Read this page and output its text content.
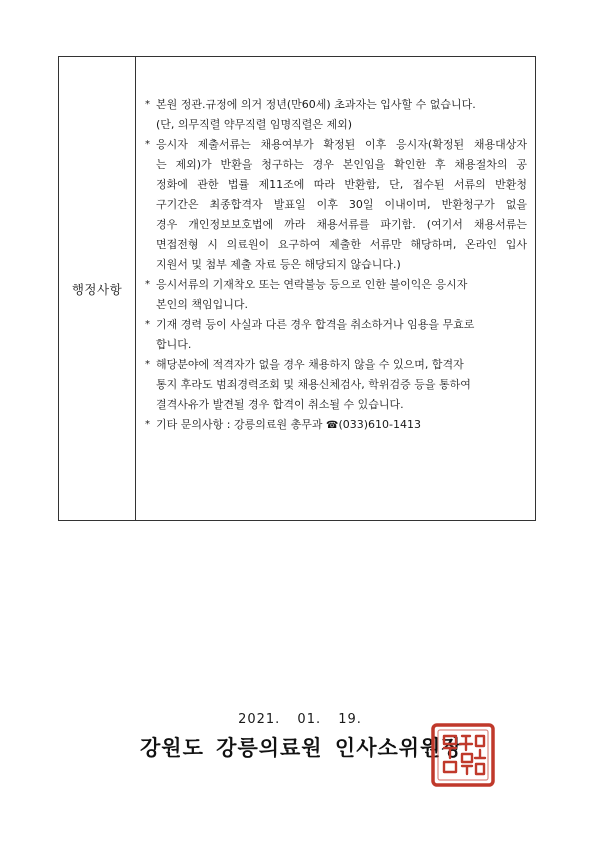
행정사항
* 본원 정관.규정에 의거 정년(만60세) 초과자는 입사할 수 없습니다.
(단, 의무직렬 약무직렬 임명직렬은 제외)
* 응시자 제출서류는 채용여부가 확정된 이후 응시자(확정된 채용대상자
는 제외)가 반환을 청구하는 경우 본인임을 확인한 후 채용절차의 공
정화에 관한 법률 제11조에 따라 반환함, 단, 접수된 서류의 반환청
구기간은 최종합격자 발표일 이후 30일 이내이며, 반환청구가 없을
경우 개인정보보호법에 까라 채용서류를 파기함. (여기서 채용서류는
면접전형 시 의료원이 요구하여 제출한 서류만 해당하며, 온라인 입사
지원서 및 첨부 제출 자료 등은 해당되지 않습니다.)
* 응시서류의 기재착오 또는 연락불능 등으로 인한 불이익은 응시자
본인의 책임입니다.
* 기재 경력 등이 사실과 다른 경우 합격을 취소하거나 임용을 무효로
합니다.
* 해당분야에 적격자가 없을 경우 채용하지 않을 수 있으며, 합격자
통지 후라도 범죄경력조회 및 채용신체검사, 학위검증 등을 통하여
결격사유가 발견될 경우 합격이 취소될 수 있습니다.
* 기타 문의사항 : 강릉의료원 총무과 ☎(033)610-1413
2021. 01. 19.
강원도 강릉의료원 인사소위원장
